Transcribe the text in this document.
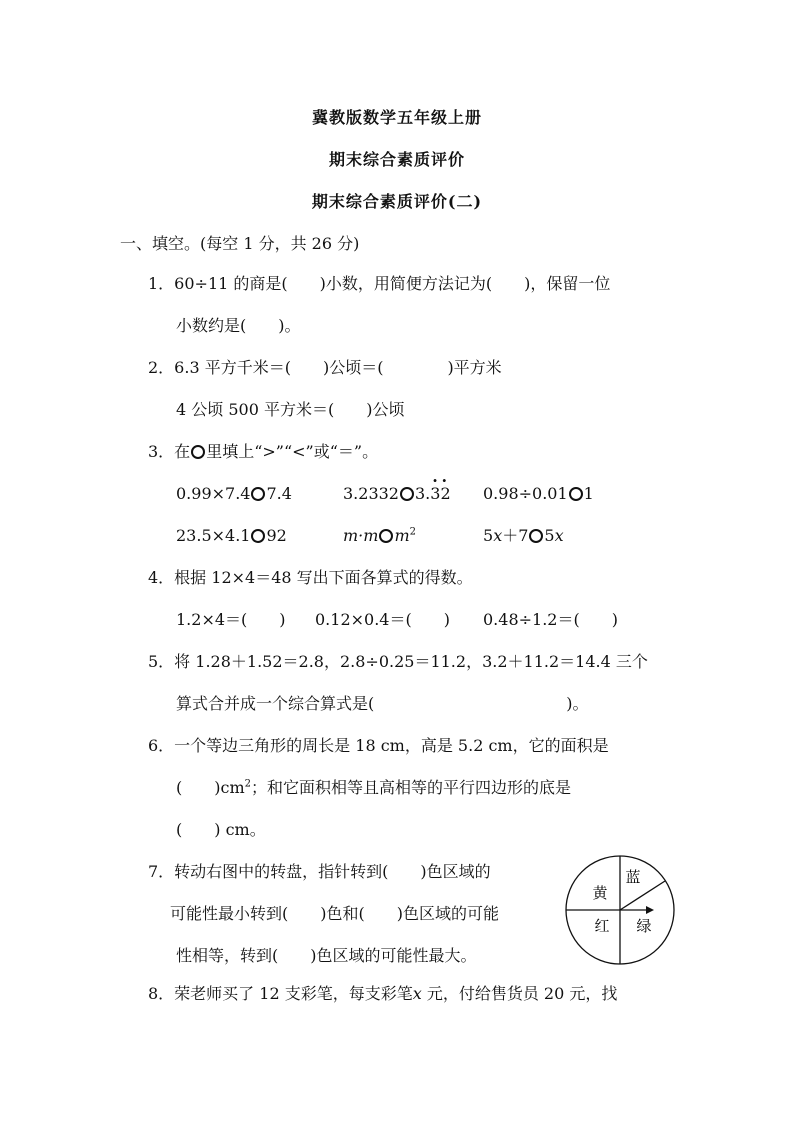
冀教版数学五年级上册
期末综合素质评价
期末综合素质评价(二)
一、填空。(每空 1 分，共 26 分)
1．60÷11 的商是(　　)小数，用简便方法记为(　　)，保留一位
小数约是(　　)。
2．6.3 平方千米＝(　　)公顷＝(　　　　)平方米
4 公顷 500 平方米＝(　　)公顷
3．在 里填上“>”“<”或“＝”。
0.99×7.4 7.4	3.2332 3.· 3· 2 0.98÷0.01 1
23.5×4.1 92	m·m $m^2$	5x＋7 5x
4．根据 12×4＝48 写出下面各算式的得数。
1.2×4＝(　　) 0.12×0.4＝(　　) 0.48÷1.2＝(　　)
5．将 1.28＋1.52＝2.8，2.8÷0.25＝11.2，3.2＋11.2＝14.4 三个
算式合并成一个综合算式是(　　　　　　　　　　　　)。
6．一个等边三角形的周长是 18 cm，高是 5.2 cm，它的面积是
(　　)$cm^2$；和它面积相等且高相等的平行四边形的底是
(　　) cm。
7．转动右图中的转盘，指针转到(　　)色区域的
可能性最小转到(　　)色和(　　)色区域的可能
性相等，转到(　　)色区域的可能性最大。
黄
蓝
红 绿
8．荣老师买了 12 支彩笔，每支彩笔x 元，付给售货员 20 元，找
